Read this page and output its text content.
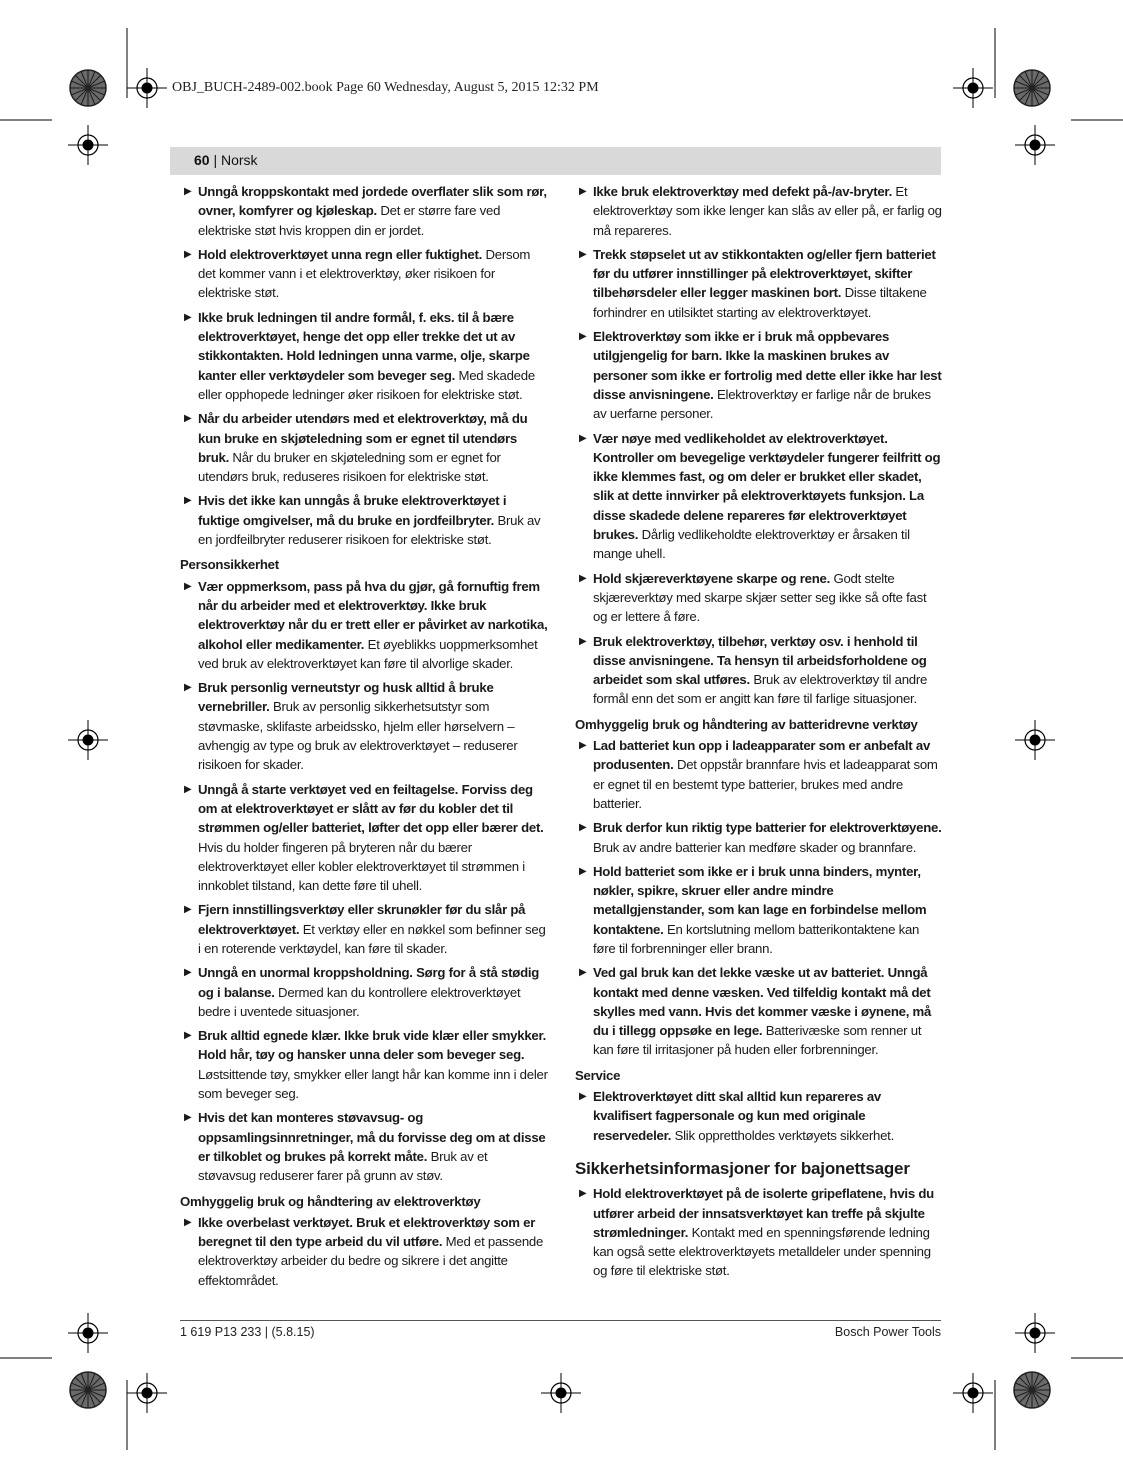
OBJ_BUCH-2489-002.book Page 60 Wednesday, August 5, 2015 12:32 PM
60 | Norsk
▶ Unngå kroppskontakt med jordede overflater slik som rør, ovner, komfyrer og kjøleskap. Det er større fare ved elektriske støt hvis kroppen din er jordet.
▶ Hold elektroverktøyet unna regn eller fuktighet. Dersom det kommer vann i et elektroverktøy, øker risikoen for elektriske støt.
▶ Ikke bruk ledningen til andre formål, f. eks. til å bære elektroverktøyet, henge det opp eller trekke det ut av stikkontakten. Hold ledningen unna varme, olje, skarpe kanter eller verktøydeler som beveger seg. Med skadede eller opphopede ledninger øker risikoen for elektriske støt.
▶ Når du arbeider utendørs med et elektroverktøy, må du kun bruke en skjøteledning som er egnet til utendørs bruk. Når du bruker en skjøteledning som er egnet for utendørs bruk, reduseres risikoen for elektriske støt.
▶ Hvis det ikke kan unngås å bruke elektroverktøyet i fuktige omgivelser, må du bruke en jordfeilbryter. Bruk av en jordfeilbryter reduserer risikoen for elektriske støt.
Personsikkerhet
▶ Vær oppmerksom, pass på hva du gjør, gå fornuftig frem når du arbeider med et elektroverktøy. Ikke bruk elektroverktøy når du er trett eller er påvirket av narkotika, alkohol eller medikamenter. Et øyeblikks uoppmerksomhet ved bruk av elektroverktøyet kan føre til alvorlige skader.
▶ Bruk personlig verneutstyr og husk alltid å bruke vernebriller. Bruk av personlig sikkerhetsutstyr som støvmaske, sklifaste arbeidssko, hjelm eller hørselvern – avhengig av type og bruk av elektroverktøyet – reduserer risikoen for skader.
▶ Unngå å starte verktøyet ved en feiltagelse. Forviss deg om at elektroverktøyet er slått av før du kobler det til strømmen og/eller batteriet, løfter det opp eller bærer det. Hvis du holder fingeren på bryteren når du bærer elektroverktøyet eller kobler elektroverktøyet til strømmen i innkoblet tilstand, kan dette føre til uhell.
▶ Fjern innstillingsverktøy eller skrunøkler før du slår på elektroverktøyet. Et verktøy eller en nøkkel som befinner seg i en roterende verktøydel, kan føre til skader.
▶ Unngå en unormal kroppsholdning. Sørg for å stå stødig og i balanse. Dermed kan du kontrollere elektroverktøyet bedre i uventede situasjoner.
▶ Bruk alltid egnede klær. Ikke bruk vide klær eller smykker. Hold hår, tøy og hansker unna deler som beveger seg. Løstsittende tøy, smykker eller langt hår kan komme inn i deler som beveger seg.
▶ Hvis det kan monteres støvavsug- og oppsamlingsinnretninger, må du forvisse deg om at disse er tilkoblet og brukes på korrekt måte. Bruk av et støvavsug reduserer farer på grunn av støv.
Omhyggelig bruk og håndtering av elektroverktøy
▶ Ikke overbelast verktøyet. Bruk et elektroverktøy som er beregnet til den type arbeid du vil utføre. Med et passende elektroverktøy arbeider du bedre og sikrere i det angitte effektområdet.
▶ Ikke bruk elektroverktøy med defekt på-/av-bryter. Et elektroverktøy som ikke lenger kan slås av eller på, er farlig og må repareres.
▶ Trekk støpselet ut av stikkontakten og/eller fjern batteriet før du utfører innstillinger på elektroverktøyet, skifter tilbehørsdeler eller legger maskinen bort. Disse tiltakene forhindrer en utilsiktet starting av elektroverktøyet.
▶ Elektroverktøy som ikke er i bruk må oppbevares utilgjengelig for barn. Ikke la maskinen brukes av personer som ikke er fortrolig med dette eller ikke har lest disse anvisningene. Elektroverktøy er farlige når de brukes av uerfarne personer.
▶ Vær nøye med vedlikeholdet av elektroverktøyet. Kontroller om bevegelige verktøydeler fungerer feilfritt og ikke klemmes fast, og om deler er brukket eller skadet, slik at dette innvirker på elektroverktøyets funksjon. La disse skadede delene repareres før elektroverktøyet brukes. Dårlig vedlikeholdte elektroverktøy er årsaken til mange uhell.
▶ Hold skjæreverktøyene skarpe og rene. Godt stelte skjæreverktøy med skarpe skjær setter seg ikke så ofte fast og er lettere å føre.
▶ Bruk elektroverktøy, tilbehør, verktøy osv. i henhold til disse anvisningene. Ta hensyn til arbeidsforholdene og arbeidet som skal utføres. Bruk av elektroverktøy til andre formål enn det som er angitt kan føre til farlige situasjoner.
Omhyggelig bruk og håndtering av batteridrevne verktøy
▶ Lad batteriet kun opp i ladeapparater som er anbefalt av produsenten. Det oppstår brannfare hvis et ladeapparat som er egnet til en bestemt type batterier, brukes med andre batterier.
▶ Bruk derfor kun riktig type batterier for elektroverktøyene. Bruk av andre batterier kan medføre skader og brannfare.
▶ Hold batteriet som ikke er i bruk unna binders, mynter, nøkler, spikre, skruer eller andre mindre metallgjenstander, som kan lage en forbindelse mellom kontaktene. En kortslutning mellom batterikontaktene kan føre til forbrenninger eller brann.
▶ Ved gal bruk kan det lekke væske ut av batteriet. Unngå kontakt med denne væsken. Ved tilfeldig kontakt må det skylles med vann. Hvis det kommer væske i øynene, må du i tillegg oppsøke en lege. Batterivæske som renner ut kan føre til irritasjoner på huden eller forbrenninger.
Service
▶ Elektroverktøyet ditt skal alltid kun repareres av kvalifisert fagpersonale og kun med originale reservedeler. Slik opprettholdes verktøyets sikkerhet.
Sikkerhetsinformasjoner for bajonettsager
▶ Hold elektroverktøyet på de isolerte gripeflatene, hvis du utfører arbeid der innsatsverktøyet kan treffe på skjulte strømledninger. Kontakt med en spenningsførende ledning kan også sette elektroverktøyets metalldeler under spenning og føre til elektriske støt.
1 619 P13 233 | (5.8.15)	Bosch Power Tools
